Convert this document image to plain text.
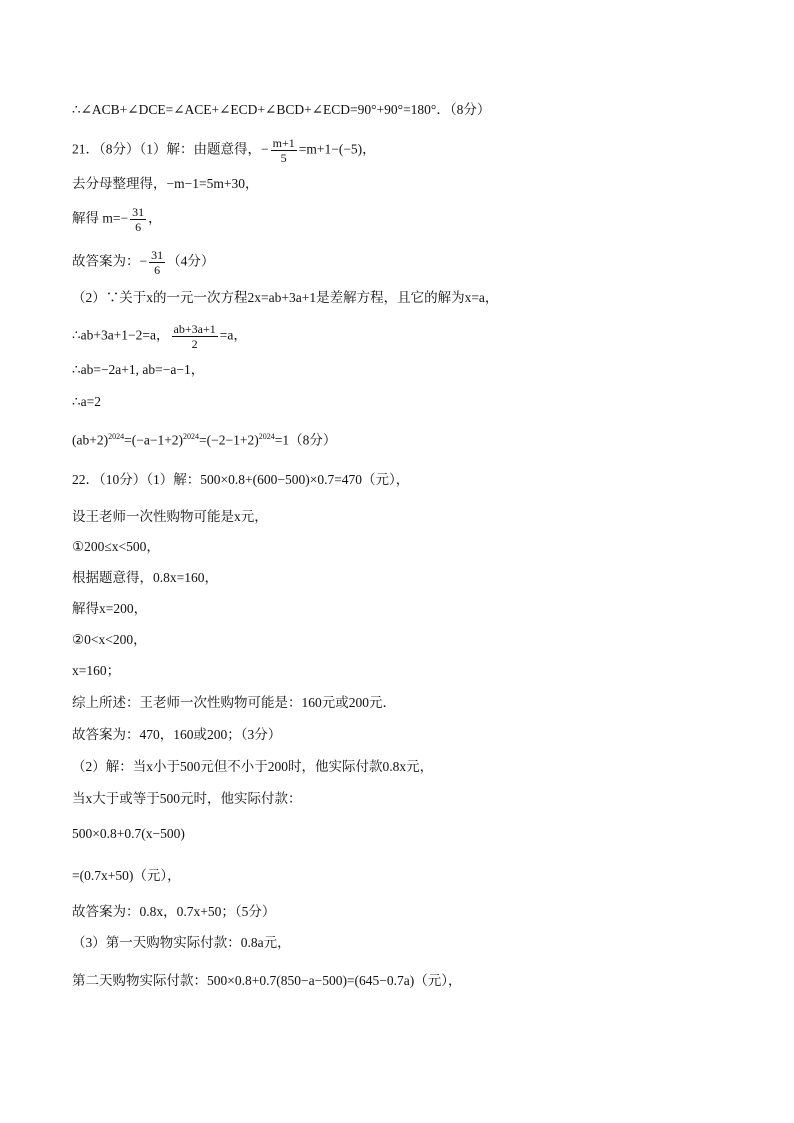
∴∠ACB+∠DCE=∠ACE+∠ECD+∠BCD+∠ECD=90°+90°=180°．（8分）
21．（8分）（1）解：由题意得，− $\frac{m+1}{5} =m+1-(-5)$，
去分母整理得，−m−1=5m+30，
解得 $m=- \frac{31}{6}$ ，
故答案为：− $\frac{31}{6} (4$分）
（2）∵关于x的一元一次方程2x=ab+3a+1是差解方程，且它的解为x=a，
∴ab+3a+1−2=a， $\frac{ab+3a+1}{2} =a$，
∴ab=−2a+1, ab=−a−1，
∴a=2
$(ab+2)^{2024}=(-a-1+2)^{2024}=(-2-1+2)^{2024}=1(8$分）
22．（10分）（1）解：500×0.8+(600−500)×0.7=470（元），
设王老师一次性购物可能是x元，
①200≤x<500，
根据题意得，0.8x=160，
解得x=200，
②0<x<200，
x=160；
综上所述：王老师一次性购物可能是：160元或200元．
故答案为：470，160或200；（3分）
（2）解：当x小于500元但不小于200时，他实际付款0.8x元，
当x大于或等于500元时，他实际付款：
500×0.8+0.7(x−500)
=(0.7x+50)（元），
故答案为：0.8x，0.7x+50；（5分）
（3）第一天购物实际付款：0.8a元，
第二天购物实际付款：500×0.8+0.7(850−a−500)=(645−0.7a)（元），
